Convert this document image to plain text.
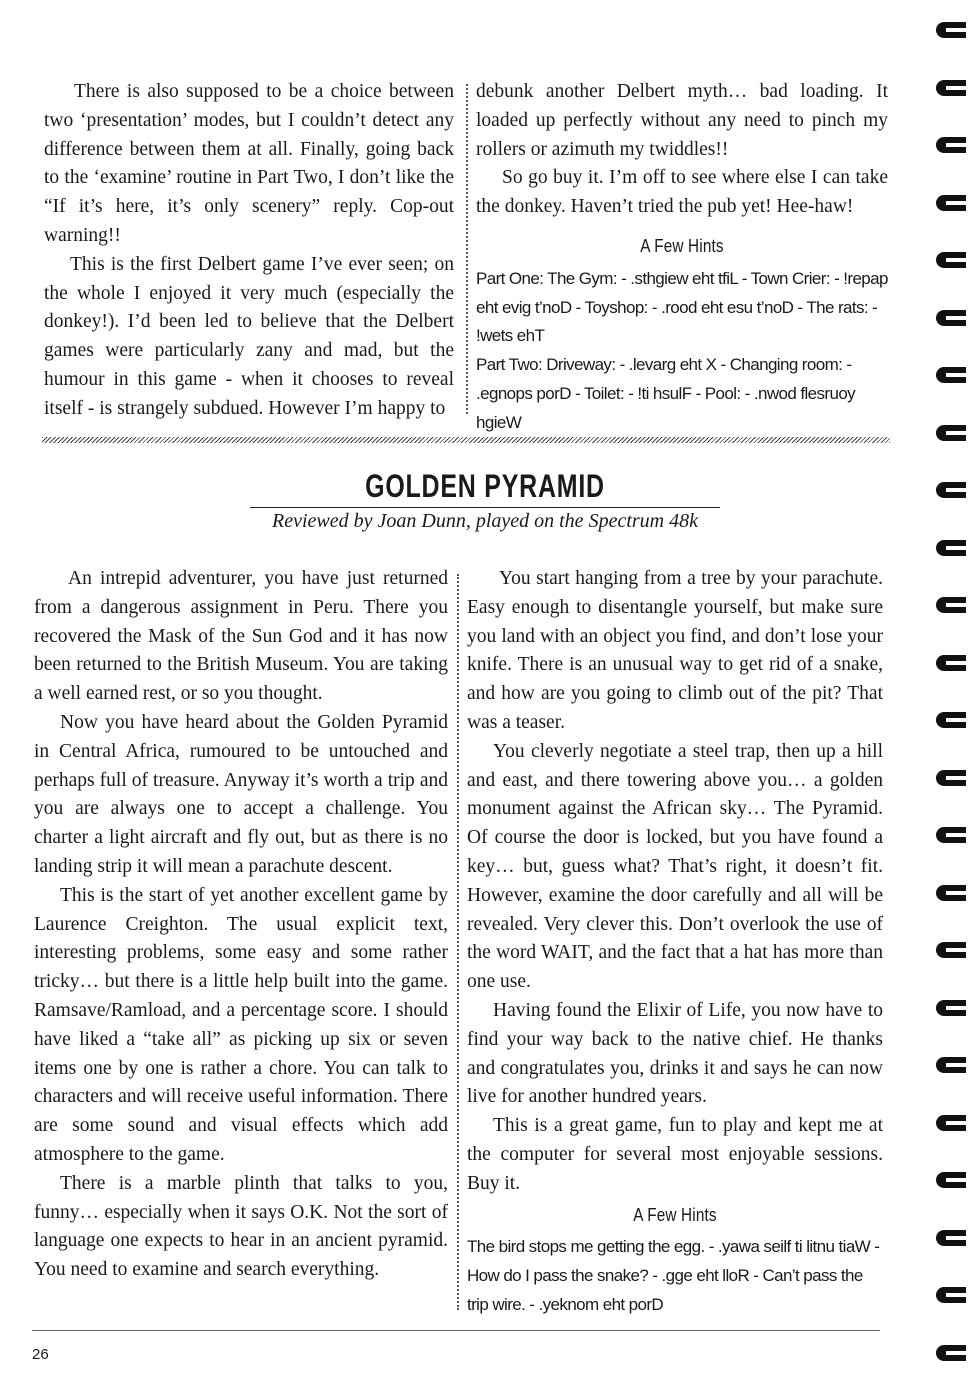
There is also supposed to be a choice between two ‘presentation’ modes, but I couldn’t detect any difference between them at all. Finally, going back to the ‘examine’ routine in Part Two, I don’t like the “If it’s here, it’s only scenery” reply. Cop-out warning!!

This is the first Delbert game I’ve ever seen; on the whole I enjoyed it very much (especially the donkey!). I’d been led to believe that the Delbert games were particularly zany and mad, but the humour in this game - when it chooses to reveal itself - is strangely subdued. However I’m happy to

debunk another Delbert myth… bad loading. It loaded up perfectly without any need to pinch my rollers or azimuth my twiddles!!

So go buy it. I’m off to see where else I can take the donkey. Haven’t tried the pub yet! Hee-haw!

A Few Hints
Part One: The Gym: - .sthgiew eht tfiL - Town Crier: - !repap eht evig t’noD - Toyshop: - .rood eht esu t’noD - The rats: - !wets ehT
Part Two: Driveway: - .levarg eht X - Changing room: - .egnops porD - Toilet: - !ti hsulF - Pool: - .nwod flesruoy hgieW
GOLDEN PYRAMID
Reviewed by Joan Dunn, played on the Spectrum 48k

An intrepid adventurer, you have just returned from a dangerous assignment in Peru. There you recovered the Mask of the Sun God and it has now been returned to the British Museum. You are taking a well earned rest, or so you thought.

Now you have heard about the Golden Pyramid in Central Africa, rumoured to be untouched and perhaps full of treasure. Anyway it’s worth a trip and you are always one to accept a challenge. You charter a light aircraft and fly out, but as there is no landing strip it will mean a parachute descent.

This is the start of yet another excellent game by Laurence Creighton. The usual explicit text, interesting problems, some easy and some rather tricky… but there is a little help built into the game. Ramsave/Ramload, and a percentage score. I should have liked a “take all” as picking up six or seven items one by one is rather a chore. You can talk to characters and will receive useful information. There are some sound and visual effects which add atmosphere to the game.

There is a marble plinth that talks to you, funny… especially when it says O.K. Not the sort of language one expects to hear in an ancient pyramid. You need to examine and search everything.

You start hanging from a tree by your parachute. Easy enough to disentangle yourself, but make sure you land with an object you find, and don’t lose your knife. There is an unusual way to get rid of a snake, and how are you going to climb out of the pit? That was a teaser.

You cleverly negotiate a steel trap, then up a hill and east, and there towering above you… a golden monument against the African sky… The Pyramid. Of course the door is locked, but you have found a key… but, guess what? That’s right, it doesn’t fit. However, examine the door carefully and all will be revealed. Very clever this. Don’t overlook the use of the word WAIT, and the fact that a hat has more than one use.

Having found the Elixir of Life, you now have to find your way back to the native chief. He thanks and congratulates you, drinks it and says he can now live for another hundred years.

This is a great game, fun to play and kept me at the computer for several most enjoyable sessions. Buy it.

A Few Hints
The bird stops me getting the egg. - .yawa seilf ti litnu tiaW - How do I pass the snake? - .gge eht lloR - Can’t pass the trip wire. - .yeknom eht porD
26
